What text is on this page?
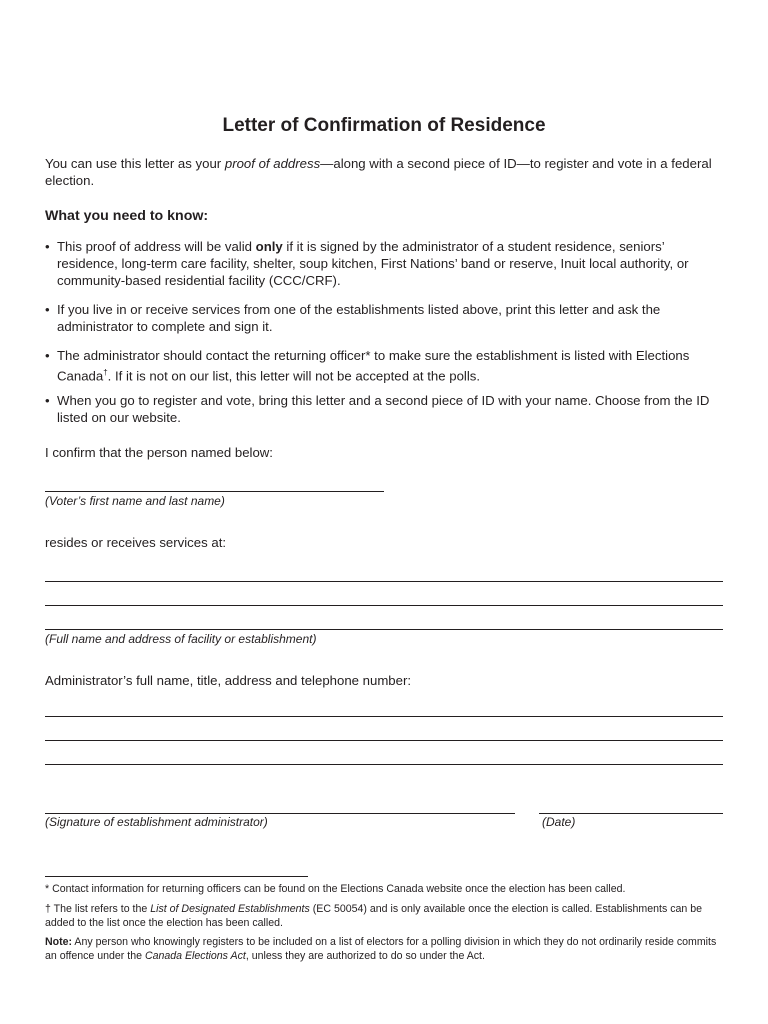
Letter of Confirmation of Residence

You can use this letter as your proof of address—along with a second piece of ID—to register and vote in a federal election.

What you need to know:
• This proof of address will be valid only if it is signed by the administrator of a student residence, seniors’ residence, long-term care facility, shelter, soup kitchen, First Nations’ band or reserve, Inuit local authority, or community-based residential facility (CCC/CRF).
• If you live in or receive services from one of the establishments listed above, print this letter and ask the administrator to complete and sign it.
• The administrator should contact the returning officer* to make sure the establishment is listed with Elections Canada†. If it is not on our list, this letter will not be accepted at the polls.
• When you go to register and vote, bring this letter and a second piece of ID with your name. Choose from the ID listed on our website.
I confirm that the person named below:
(Voter’s first name and last name)
resides or receives services at:
(Full name and address of facility or establishment)
Administrator’s full name, title, address and telephone number:
(Signature of establishment administrator)	(Date)
* Contact information for returning officers can be found on the Elections Canada website once the election has been called.
† The list refers to the List of Designated Establishments (EC 50054) and is only available once the election is called. Establishments can be added to the list once the election has been called.
Note: Any person who knowingly registers to be included on a list of electors for a polling division in which they do not ordinarily reside commits an offence under the Canada Elections Act, unless they are authorized to do so under the Act.
